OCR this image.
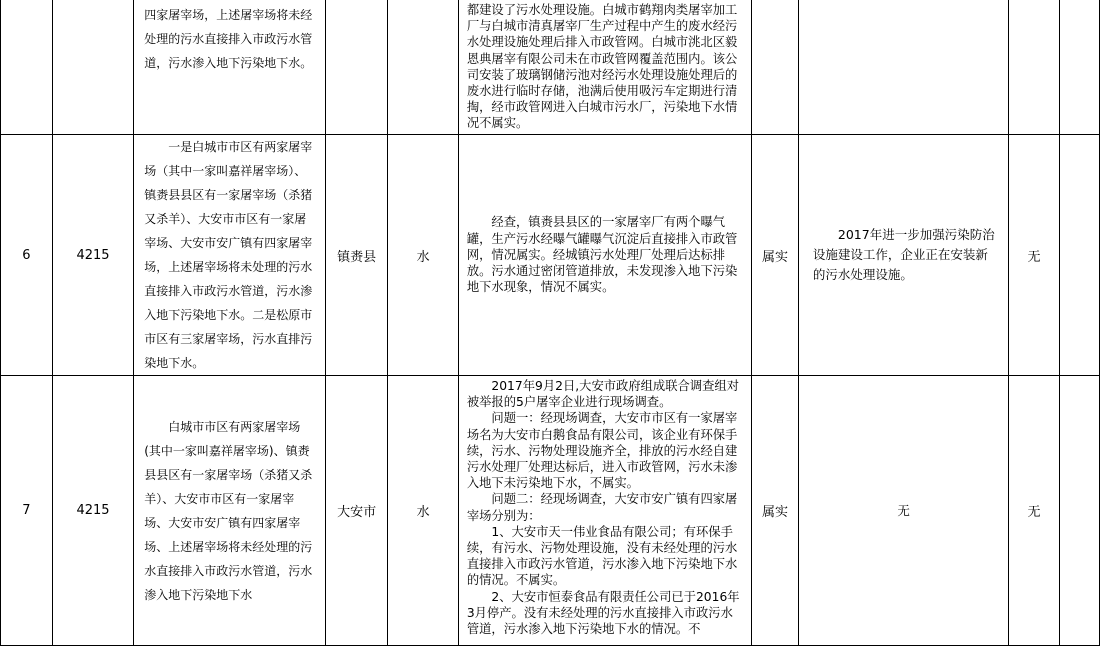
		四家屠宰场，上述屠宰场将未经处理的污水直接排入市政污水管道，污水渗入地下污染地下水。			都建设了污水处理设施。白城市鹤翔肉类屠宰加工厂与白城市清真屠宰厂生产过程中产生的废水经污水处理设施处理后排入市政管网。白城市洮北区毅恩典屠宰有限公司未在市政管网覆盖范围内。该公司安装了玻璃钢储污池对经污水处理设施处理后的废水进行临时存储，池满后使用吸污车定期进行清掏，经市政管网进入白城市污水厂，污染地下水情况不属实。				

6	4215	一是白城市市区有两家屠宰场（其中一家叫嘉祥屠宰场）、镇赉县县区有一家屠宰场（杀猪又杀羊）、大安市市区有一家屠宰场、大安市安广镇有四家屠宰场，上述屠宰场将未处理的污水直接排入市政污水管道，污水渗入地下污染地下水。二是松原市市区有三家屠宰场，污水直排污染地下水。	镇赉县	水	经查，镇赉县县区的一家屠宰厂有两个曝气罐，生产污水经曝气罐曝气沉淀后直接排入市政管网，情况属实。经城镇污水处理厂处理后达标排放。污水通过密闭管道排放，未发现渗入地下污染地下水现象，情况不属实。	属实	2017年进一步加强污染防治设施建设工作，企业正在安装新的污水处理设施。	无	
7	4215	白城市市区有两家屠宰场(其中一家叫嘉祥屠宰场)、镇赉县县区有一家屠宰场（杀猪又杀羊）、大安市市区有一家屠宰场、大安市安广镇有四家屠宰场、上述屠宰场将未经处理的污水直接排入市政污水管道，污水渗入地下污染地下水	大安市	水	2017年9月2日,大安市政府组成联合调查组对被举报的5户屠宰企业进行现场调查。

问题一：经现场调查，大安市市区有一家屠宰场名为大安市白鹅食品有限公司，该企业有环保手续，污水、污物处理设施齐全，排放的污水经自建污水处理厂处理达标后，进入市政管网，污水未渗入地下未污染地下水，不属实。

问题二：经现场调查，大安市安广镇有四家屠宰场分别为：

1、大安市天一伟业食品有限公司；有环保手续，有污水、污物处理设施，没有未经处理的污水直接排入市政污水管道，污水渗入地下污染地下水的情况。不属实。

2、大安市恒泰食品有限责任公司已于2016年3月停产。没有未经处理的污水直接排入市政污水管道，污水渗入地下污染地下水的情况。不	属实	无	无	
